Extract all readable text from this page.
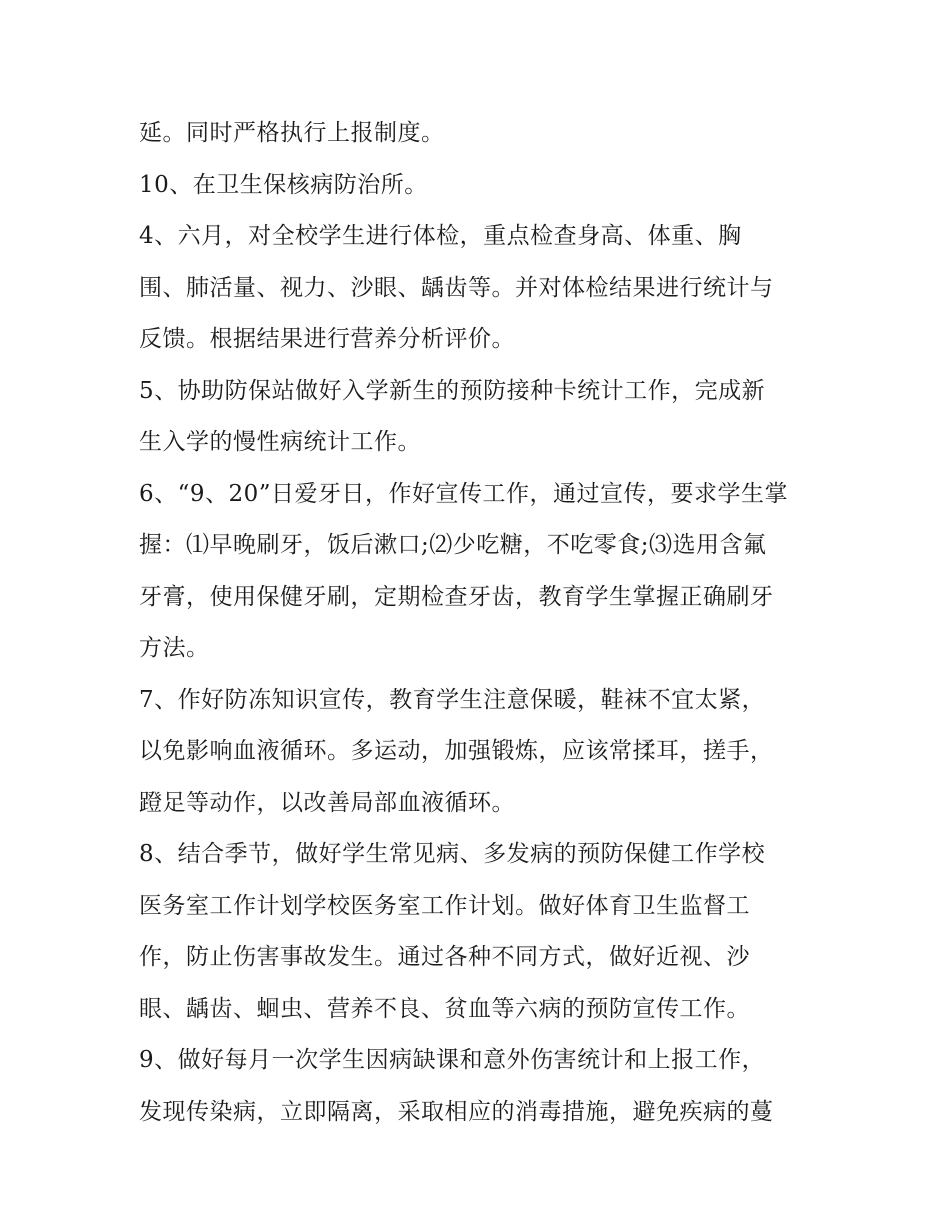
延。同时严格执行上报制度。
10、在卫生保核病防治所。
4、六月，对全校学生进行体检，重点检查身高、体重、胸
围、肺活量、视力、沙眼、龋齿等。并对体检结果进行统计与
反馈。根据结果进行营养分析评价。
5、协助防保站做好入学新生的预防接种卡统计工作，完成新
生入学的慢性病统计工作。
6、“9、20”日爱牙日，作好宣传工作，通过宣传，要求学生掌
握：⑴早晚刷牙，饭后漱口;⑵少吃糖，不吃零食;⑶选用含氟
牙膏，使用保健牙刷，定期检查牙齿，教育学生掌握正确刷牙
方法。
7、作好防冻知识宣传，教育学生注意保暖，鞋袜不宜太紧，
以免影响血液循环。多运动，加强锻炼，应该常揉耳，搓手，
蹬足等动作，以改善局部血液循环。
8、结合季节，做好学生常见病、多发病的预防保健工作学校
医务室工作计划学校医务室工作计划。做好体育卫生监督工
作，防止伤害事故发生。通过各种不同方式，做好近视、沙
眼、龋齿、蛔虫、营养不良、贫血等六病的预防宣传工作。
9、做好每月一次学生因病缺课和意外伤害统计和上报工作，
发现传染病，立即隔离，采取相应的消毒措施，避免疾病的蔓
